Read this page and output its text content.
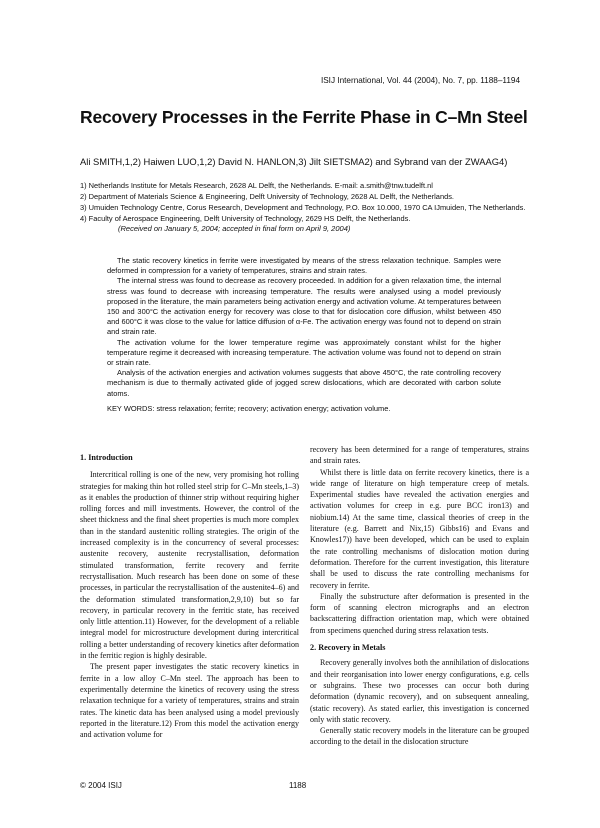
ISIJ International, Vol. 44 (2004), No. 7, pp. 1188–1194
Recovery Processes in the Ferrite Phase in C–Mn Steel
Ali SMITH,1,2) Haiwen LUO,1,2) David N. HANLON,3) Jilt SIETSMA2) and Sybrand van der ZWAAG4)
1) Netherlands Institute for Metals Research, 2628 AL Delft, the Netherlands. E-mail: a.smith@tnw.tudelft.nl
2) Department of Materials Science & Engineering, Delft University of Technology, 2628 AL Delft, the Netherlands.
3) Umuiden Technology Centre, Corus Research, Development and Technology, P.O. Box 10.000, 1970 CA IJmuiden, The Netherlands. 4) Faculty of Aerospace Engineering, Delft University of Technology, 2629 HS Delft, the Netherlands.
(Received on January 5, 2004; accepted in final form on April 9, 2004)

The static recovery kinetics in ferrite were investigated by means of the stress relaxation technique. Samples were deformed in compression for a variety of temperatures, strains and strain rates.

The internal stress was found to decrease as recovery proceeded. In addition for a given relaxation time, the internal stress was found to decrease with increasing temperature. The results were analysed using a model previously proposed in the literature, the main parameters being activation energy and activation volume. At temperatures between 150 and 300°C the activation energy for recovery was close to that for dislocation core diffusion, whilst between 450 and 600°C it was close to the value for lattice diffusion of α-Fe. The activation energy was found not to depend on strain and strain rate.

The activation volume for the lower temperature regime was approximately constant whilst for the higher temperature regime it decreased with increasing temperature. The activation volume was found not to depend on strain or strain rate.

Analysis of the activation energies and activation volumes suggests that above 450°C, the rate controlling recovery mechanism is due to thermally activated glide of jogged screw dislocations, which are decorated with carbon solute atoms.

KEY WORDS: stress relaxation; ferrite; recovery; activation energy; activation volume.

1. Introduction

Intercritical rolling is one of the new, very promising hot rolling strategies for making thin hot rolled steel strip for C–Mn steels,1–3) as it enables the production of thinner strip without requiring higher rolling forces and mill investments. However, the control of the sheet thickness and the final sheet properties is much more complex than in the standard austenitic rolling strategies. The origin of the increased complexity is in the concurrency of several processes: austenite recovery, austenite recrystallisation, deformation stimulated transformation, ferrite recovery and ferrite recrystallisation. Much research has been done on some of these processes, in particular the recrystallisation of the austenite4–6) and the deformation stimulated transformation,2,9,10) but so far recovery, in particular recovery in the ferritic state, has received only little attention.11) However, for the development of a reliable integral model for microstructure development during intercritical rolling a better understanding of recovery kinetics after deformation in the ferritic region is highly desirable.

The present paper investigates the static recovery kinetics in ferrite in a low alloy C–Mn steel. The approach has been to experimentally determine the kinetics of recovery using the stress relaxation technique for a variety of temperatures, strains and strain rates. The kinetic data has been analysed using a model previously reported in the literature.12) From this model the activation energy and activation volume for

recovery has been determined for a range of temperatures, strains and strain rates.

Whilst there is little data on ferrite recovery kinetics, there is a wide range of literature on high temperature creep of metals. Experimental studies have revealed the activation energies and activation volumes for creep in e.g. pure BCC iron13) and niobium.14) At the same time, classical theories of creep in the literature (e.g. Barrett and Nix,15) Gibbs16) and Evans and Knowles17)) have been developed, which can be used to explain the rate controlling mechanisms of dislocation motion during deformation. Therefore for the current investigation, this literature shall be used to discuss the rate controlling mechanisms for recovery in ferrite.

Finally the substructure after deformation is presented in the form of scanning electron micrographs and an electron backscattering diffraction orientation map, which were obtained from specimens quenched during stress relaxation tests.

2. Recovery in Metals

Recovery generally involves both the annihilation of dislocations and their reorganisation into lower energy configurations, e.g. cells or subgrains. These two processes can occur both during deformation (dynamic recovery), and on subsequent annealing, (static recovery). As stated earlier, this investigation is concerned only with static recovery.

Generally static recovery models in the literature can be grouped according to the detail in the dislocation structure

© 2004 ISIJ	1188
